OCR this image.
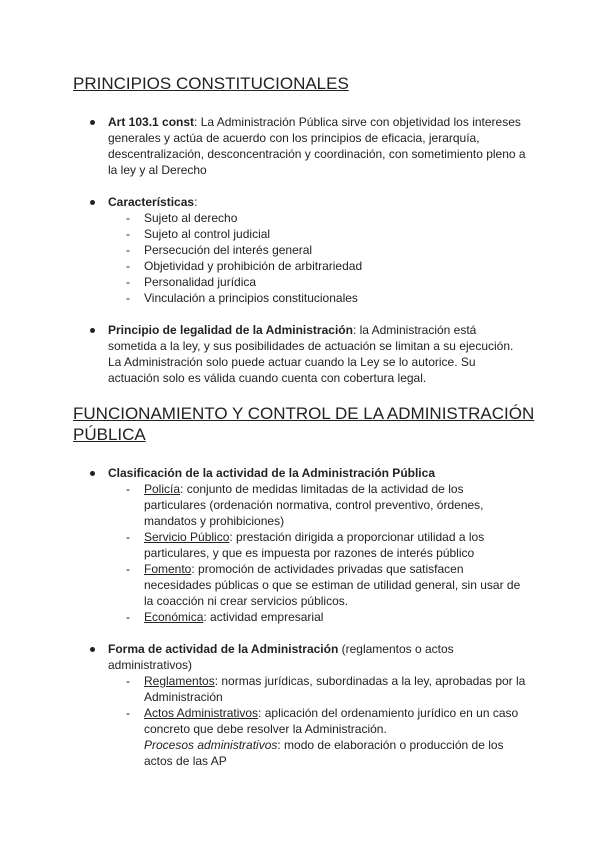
PRINCIPIOS CONSTITUCIONALES
Art 103.1 const: La Administración Pública sirve con objetividad los intereses generales y actúa de acuerdo con los principios de eficacia, jerarquía, descentralización, desconcentración y coordinación, con sometimiento pleno a la ley y al Derecho
Características:
- Sujeto al derecho
- Sujeto al control judicial
- Persecución del interés general
- Objetividad y prohibición de arbitrariedad
- Personalidad jurídica
- Vinculación a principios constitucionales
Principio de legalidad de la Administración: la Administración está sometida a la ley, y sus posibilidades de actuación se limitan a su ejecución. La Administración solo puede actuar cuando la Ley se lo autorice. Su actuación solo es válida cuando cuenta con cobertura legal.
FUNCIONAMIENTO Y CONTROL DE LA ADMINISTRACIÓN PÚBLICA
Clasificación de la actividad de la Administración Pública
- Policía: conjunto de medidas limitadas de la actividad de los particulares (ordenación normativa, control preventivo, órdenes, mandatos y prohibiciones)
- Servicio Público: prestación dirigida a proporcionar utilidad a los particulares, y que es impuesta por razones de interés público
- Fomento: promoción de actividades privadas que satisfacen necesidades públicas o que se estiman de utilidad general, sin usar de la coacción ni crear servicios públicos.
- Económica: actividad empresarial
Forma de actividad de la Administración (reglamentos o actos administrativos)
- Reglamentos: normas jurídicas, subordinadas a la ley, aprobadas por la Administración
- Actos Administrativos: aplicación del ordenamiento jurídico en un caso concreto que debe resolver la Administración.
Procesos administrativos: modo de elaboración o producción de los actos de las AP
